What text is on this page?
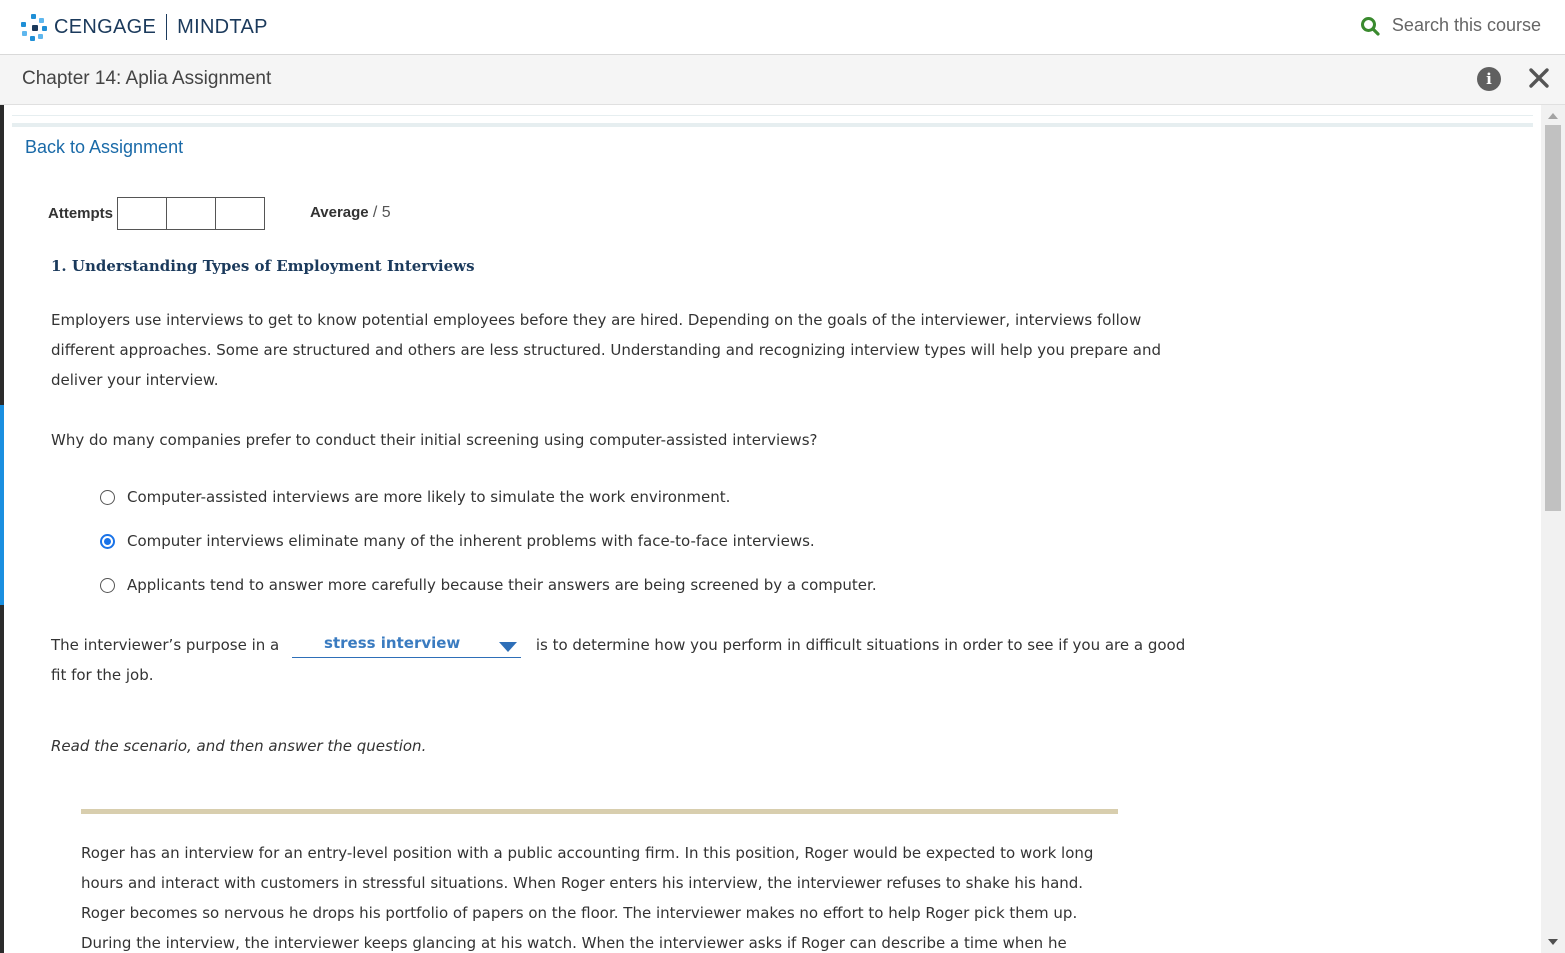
CENGAGE MINDTAP	Search this course
Chapter 14: Aplia Assignment	i
Back to Assignment
Attempts	Average / 5
1. Understanding Types of Employment Interviews
Employers use interviews to get to know potential employees before they are hired. Depending on the goals of the interviewer, interviews follow different approaches. Some are structured and others are less structured. Understanding and recognizing interview types will help you prepare and deliver your interview.
Why do many companies prefer to conduct their initial screening using computer-assisted interviews?
Computer-assisted interviews are more likely to simulate the work environment.
Computer interviews eliminate many of the inherent problems with face-to-face interviews.
Applicants tend to answer more carefully because their answers are being screened by a computer.
The interviewer’s purpose in a	stress interview	is to determine how you perform in difficult situations in order to see if you are a good fit for the job.
Read the scenario, and then answer the question.
Roger has an interview for an entry-level position with a public accounting firm. In this position, Roger would be expected to work long hours and interact with customers in stressful situations. When Roger enters his interview, the interviewer refuses to shake his hand. Roger becomes so nervous he drops his portfolio of papers on the floor. The interviewer makes no effort to help Roger pick them up. During the interview, the interviewer keeps glancing at his watch. When the interviewer asks if Roger can describe a time when he
